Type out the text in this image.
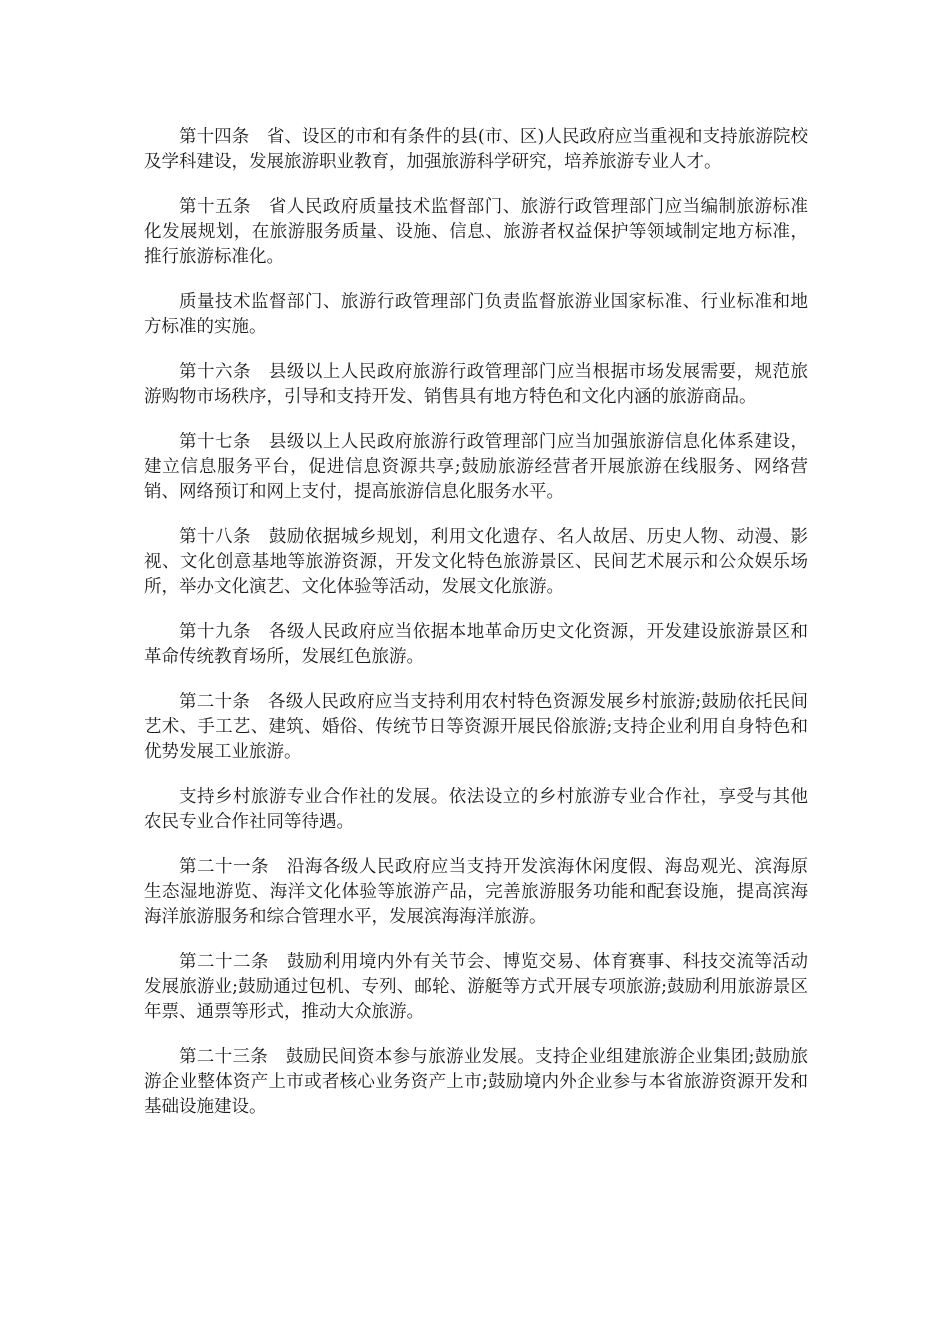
第十四条　省、设区的市和有条件的县(市、区)人民政府应当重视和支持旅游院校及学科建设，发展旅游职业教育，加强旅游科学研究，培养旅游专业人才。

第十五条　省人民政府质量技术监督部门、旅游行政管理部门应当编制旅游标准化发展规划，在旅游服务质量、设施、信息、旅游者权益保护等领域制定地方标准，推行旅游标准化。

质量技术监督部门、旅游行政管理部门负责监督旅游业国家标准、行业标准和地方标准的实施。

第十六条　县级以上人民政府旅游行政管理部门应当根据市场发展需要，规范旅游购物市场秩序，引导和支持开发、销售具有地方特色和文化内涵的旅游商品。

第十七条　县级以上人民政府旅游行政管理部门应当加强旅游信息化体系建设，建立信息服务平台，促进信息资源共享;鼓励旅游经营者开展旅游在线服务、网络营销、网络预订和网上支付，提高旅游信息化服务水平。

第十八条　鼓励依据城乡规划，利用文化遗存、名人故居、历史人物、动漫、影视、文化创意基地等旅游资源，开发文化特色旅游景区、民间艺术展示和公众娱乐场所，举办文化演艺、文化体验等活动，发展文化旅游。

第十九条　各级人民政府应当依据本地革命历史文化资源，开发建设旅游景区和革命传统教育场所，发展红色旅游。

第二十条　各级人民政府应当支持利用农村特色资源发展乡村旅游;鼓励依托民间艺术、手工艺、建筑、婚俗、传统节日等资源开展民俗旅游;支持企业利用自身特色和优势发展工业旅游。

支持乡村旅游专业合作社的发展。依法设立的乡村旅游专业合作社，享受与其他农民专业合作社同等待遇。

第二十一条　沿海各级人民政府应当支持开发滨海休闲度假、海岛观光、滨海原生态湿地游览、海洋文化体验等旅游产品，完善旅游服务功能和配套设施，提高滨海海洋旅游服务和综合管理水平，发展滨海海洋旅游。

第二十二条　鼓励利用境内外有关节会、博览交易、体育赛事、科技交流等活动发展旅游业;鼓励通过包机、专列、邮轮、游艇等方式开展专项旅游;鼓励利用旅游景区年票、通票等形式，推动大众旅游。

第二十三条　鼓励民间资本参与旅游业发展。支持企业组建旅游企业集团;鼓励旅游企业整体资产上市或者核心业务资产上市;鼓励境内外企业参与本省旅游资源开发和基础设施建设。
